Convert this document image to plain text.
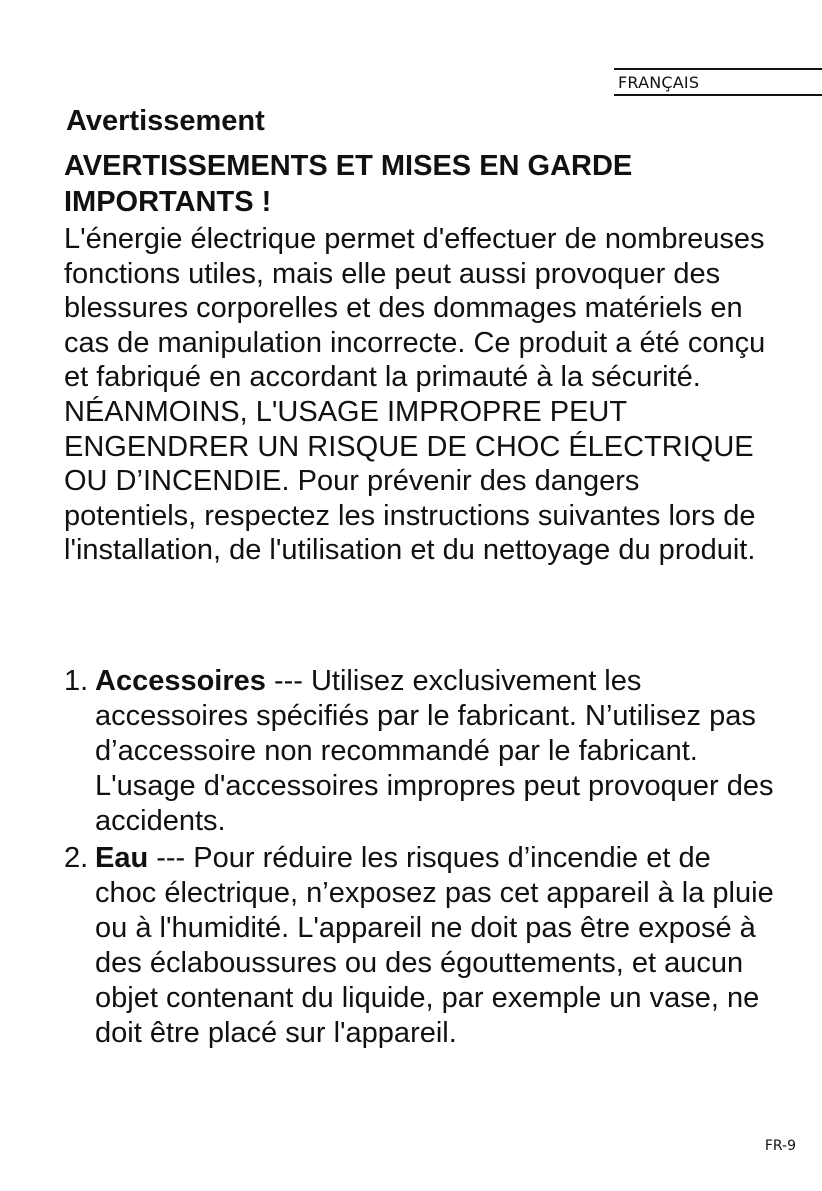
FRANÇAIS
Avertissement
AVERTISSEMENTS ET MISES EN GARDE IMPORTANTS !

L'énergie électrique permet d'effectuer de nombreuses fonctions utiles, mais elle peut aussi provoquer des blessures corporelles et des dommages matériels en cas de manipulation incorrecte. Ce produit a été conçu et fabriqué en accordant la primauté à la sécurité. NÉANMOINS, L'USAGE IMPROPRE PEUT ENGENDRER UN RISQUE DE CHOC ÉLECTRIQUE OU D’INCENDIE. Pour prévenir des dangers potentiels, respectez les instructions suivantes lors de l'installation, de l'utilisation et du nettoyage du produit.

1. Accessoires --- Utilisez exclusivement les accessoires spécifiés par le fabricant. N’utilisez pas d’accessoire non recommandé par le fabricant. L'usage d'accessoires impropres peut provoquer des accidents.
2. Eau --- Pour réduire les risques d’incendie et de choc électrique, n’exposez pas cet appareil à la pluie ou à l'humidité. L'appareil ne doit pas être exposé à des éclaboussures ou des égouttements, et aucun objet contenant du liquide, par exemple un vase, ne doit être placé sur l'appareil.
FR-9
